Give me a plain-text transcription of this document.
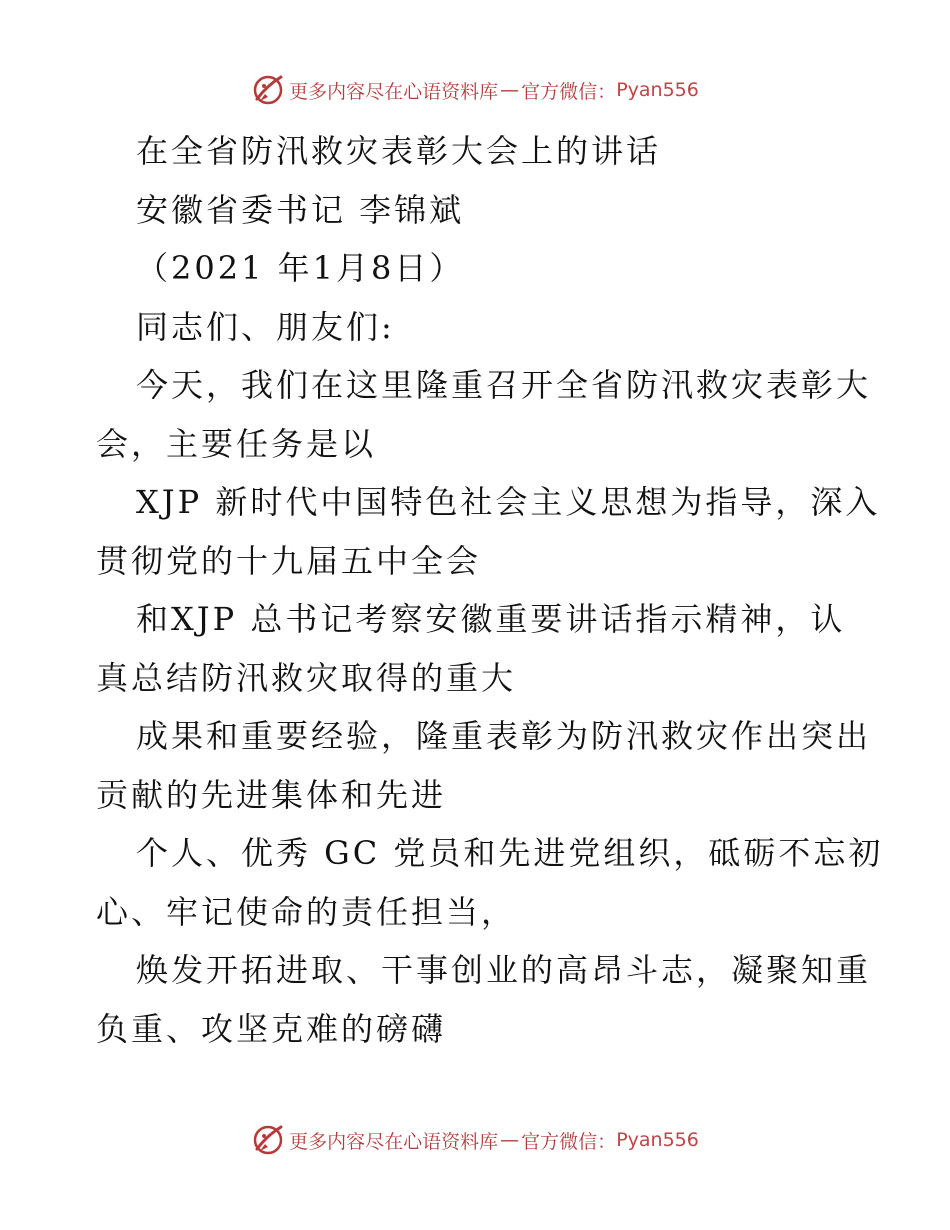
更多内容尽在心语资料库 — 官方微信： Pyan556

在全省防汛救灾表彰大会上的讲话

安徽省委书记 李锦斌

（2021 年1月8日）

同志们、朋友们:

今天，我们在这里隆重召开全省防汛救灾表彰大

会，主要任务是以

XJP 新时代中国特色社会主义思想为指导，深入

贯彻党的十九届五中全会

和XJP 总书记考察安徽重要讲话指示精神，认

真总结防汛救灾取得的重大

成果和重要经验，隆重表彰为防汛救灾作出突出

贡献的先进集体和先进

个人、优秀 GC 党员和先进党组织，砥砺不忘初

心、牢记使命的责任担当，

焕发开拓进取、干事创业的高昂斗志，凝聚知重

负重、攻坚克难的磅礴

更多内容尽在心语资料库 — 官方微信： Pyan556
